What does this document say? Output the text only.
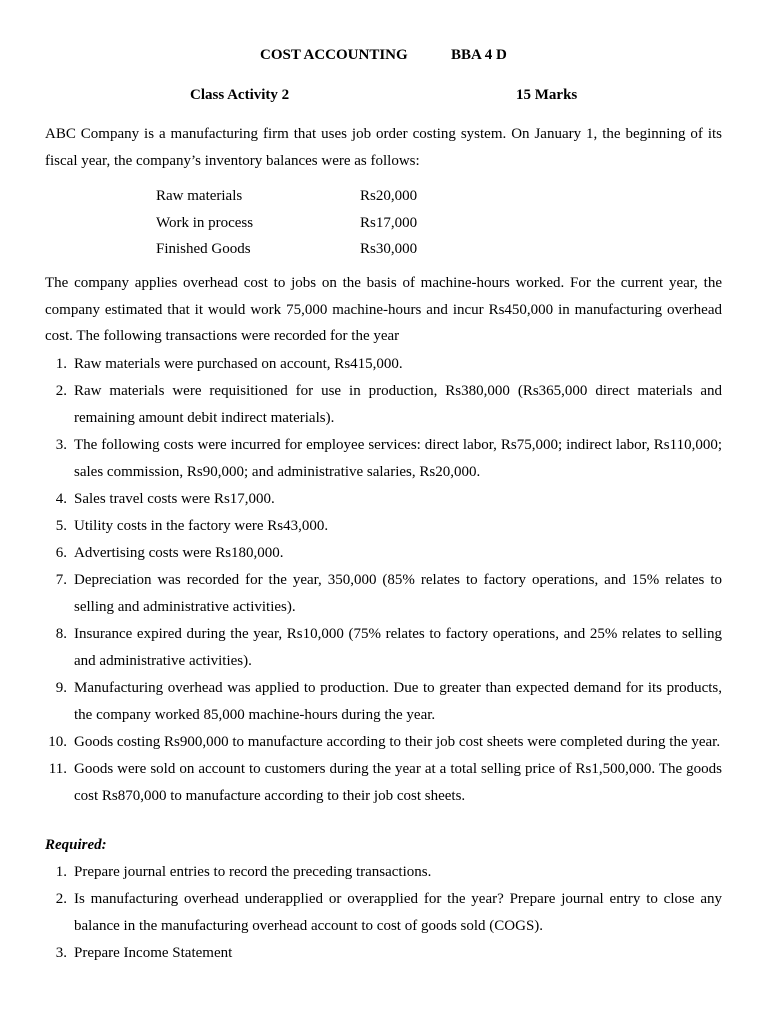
COST ACCOUNTING	BBA 4 D
Class Activity 2	15 Marks
ABC Company is a manufacturing firm that uses job order costing system. On January 1, the beginning of its fiscal year, the company’s inventory balances were as follows:
Raw materials	Rs20,000
Work in process	Rs17,000
Finished Goods	Rs30,000
The company applies overhead cost to jobs on the basis of machine-hours worked. For the current year, the company estimated that it would work 75,000 machine-hours and incur Rs450,000 in manufacturing overhead cost. The following transactions were recorded for the year
1. Raw materials were purchased on account, Rs415,000.
2. Raw materials were requisitioned for use in production, Rs380,000 (Rs365,000 direct materials and remaining amount debit indirect materials).
3. The following costs were incurred for employee services: direct labor, Rs75,000; indirect labor, Rs110,000; sales commission, Rs90,000; and administrative salaries, Rs20,000.
4. Sales travel costs were Rs17,000.
5. Utility costs in the factory were Rs43,000.
6. Advertising costs were Rs180,000.
7. Depreciation was recorded for the year, 350,000 (85% relates to factory operations, and 15% relates to selling and administrative activities).
8. Insurance expired during the year, Rs10,000 (75% relates to factory operations, and 25% relates to selling and administrative activities).
9. Manufacturing overhead was applied to production. Due to greater than expected demand for its products, the company worked 85,000 machine-hours during the year.
10. Goods costing Rs900,000 to manufacture according to their job cost sheets were completed during the year.
11. Goods were sold on account to customers during the year at a total selling price of Rs1,500,000. The goods cost Rs870,000 to manufacture according to their job cost sheets.
Required:
1. Prepare journal entries to record the preceding transactions.
2. Is manufacturing overhead underapplied or overapplied for the year? Prepare journal entry to close any balance in the manufacturing overhead account to cost of goods sold (COGS).
3. Prepare Income Statement
